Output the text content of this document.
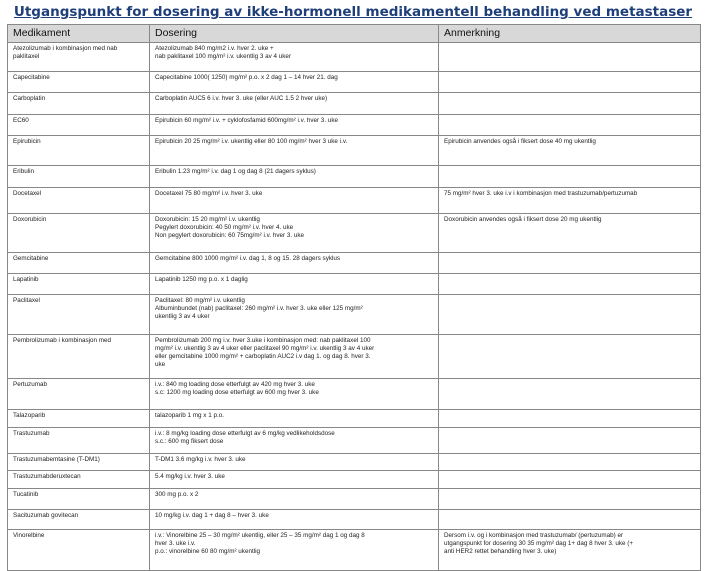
Utgangspunkt for dosering av ikke-hormonell medikamentell behandling ved metastaser
Medikament	Dosering	Anmerkning
Atezolizumab i kombinasjon med nab paklitaxel	Atezolizumab 840 mg/m2 i.v. hver 2. uke +
nab paklitaxel 100 mg/m² i.v. ukentlig 3 av 4 uker	

Capecitabine	Capecitabine 1000( 1250) mg/m² p.o. x 2 dag 1 – 14 hver 21. dag	

Carboplatin	Carboplatin AUC5 6 i.v. hver 3. uke (eller AUC 1.5 2 hver uke)	

EC60	Epirubicin 60 mg/m² i.v. + cyklofosfamid 600mg/m² i.v. hver 3. uke	

Epirubicin	Epirubicin 20 25 mg/m² i.v. ukentlig eller 80 100 mg/m² hver 3 uke i.v.	Epirubicin anvendes også i fiksert dose 40 mg ukentlig

Eribulin	Eribulin 1.23 mg/m² i.v. dag 1 og dag 8 (21 dagers syklus)	

Docetaxel	Docetaxel 75 80 mg/m² i.v. hver 3. uke	75 mg/m² hver 3. uke i.v i kombinasjon med trastuzumab/pertuzumab

Doxorubicin	Doxorubicin: 15 20 mg/m² i.v. ukentlig
Pegylert doxorubicin: 40 50 mg/m² i.v. hver 4. uke
Non pegylert doxorubicin: 60 75mg/m² i.v. hver 3. uke	Doxorubicin anvendes også i fiksert dose 20 mg ukentlig

Gemcitabine	Gemcitabine 800 1000 mg/m² i.v. dag 1, 8 og 15. 28 dagers syklus	

Lapatinib	Lapatinib 1250 mg p.o. x 1 daglig	

Paclitaxel	Paclitaxel: 80 mg/m² i.v. ukentlig
Albuminbundet (nab) paclitaxel: 260 mg/m² i.v. hver 3. uke eller 125 mg/m²
ukentlig 3 av 4 uker	

Pembrolizumab i kombinasjon med	Pembrolizumab 200 mg i.v. hver 3.uke i kombinasjon med: nab paklitaxel 100
mg/m² i.v. ukentlig 3 av 4 uker eller paclitaxel 90 mg/m² i.v. ukentlig 3 av 4 uker
eller gemcitabine 1000 mg/m² + carboplatin AUC2 i.v dag 1. og dag 8. hver 3.
uke	

Pertuzumab	i.v.: 840 mg loading dose etterfulgt av 420 mg hver 3. uke
s.c: 1200 mg loading dose etterfulgt av 600 mg hver 3. uke	

Talazoparib	talazoparib 1 mg x 1 p.o.	

Trastuzumab	i.v.: 8 mg/kg loading dose etterfulgt av 6 mg/kg vedlikeholdsdose
s.c.: 600 mg fiksert dose	

Trastuzumabemtasine (T-DM1)	T-DM1 3.6 mg/kg i.v. hver 3. uke	

Trastuzumabderuxtecan	5.4 mg/kg i.v. hver 3. uke	

Tucatinib	300 mg p.o. x 2	

Sacituzumab govitecan	10 mg/kg i.v. dag 1 + dag 8 – hver 3. uke	

Vinorelbine	i.v.: Vinorelbine 25 – 30 mg/m² ukentlig, eller 25 – 35 mg/m² dag 1 og dag 8
hver 3. uke i.v.
p.o.: vinorelbine 60 80 mg/m² ukentlig	Dersom i.v. og i kombinasjon med trastuzumab/ (pertuzumab) er
utgangspunkt for dosering 30 35 mg/m² dag 1+ dag 8 hver 3. uke (+
anti HER2 rettet behandling hver 3. uke)
